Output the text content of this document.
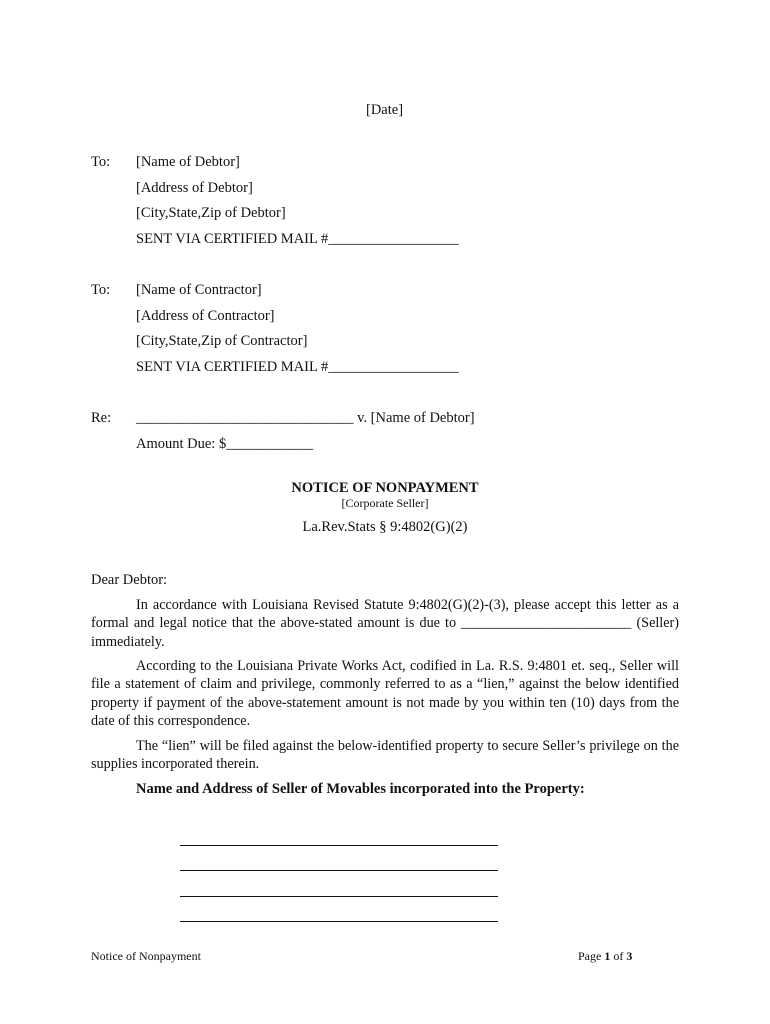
[Date]
To: [Name of Debtor]
[Address of Debtor]
[City,State,Zip of Debtor]
SENT VIA CERTIFIED MAIL #__________________
To: [Name of Contractor]
[Address of Contractor]
[City,State,Zip of Contractor]
SENT VIA CERTIFIED MAIL #__________________
Re: ______________________________ v. [Name of Debtor]
Amount Due: $____________
NOTICE OF NONPAYMENT
[Corporate Seller]
La.Rev.Stats § 9:4802(G)(2)
Dear Debtor:
In accordance with Louisiana Revised Statute 9:4802(G)(2)-(3), please accept this letter as a formal and legal notice that the above-stated amount is due to ________________________ (Seller) immediately.
According to the Louisiana Private Works Act, codified in La. R.S. 9:4801 et. seq., Seller will file a statement of claim and privilege, commonly referred to as a “lien,” against the below identified property if payment of the above-statement amount is not made by you within ten (10) days from the date of this correspondence.
The “lien” will be filed against the below-identified property to secure Seller’s privilege on the supplies incorporated therein.
Name and Address of Seller of Movables incorporated into the Property:
Notice of Nonpayment	Page 1 of 3
